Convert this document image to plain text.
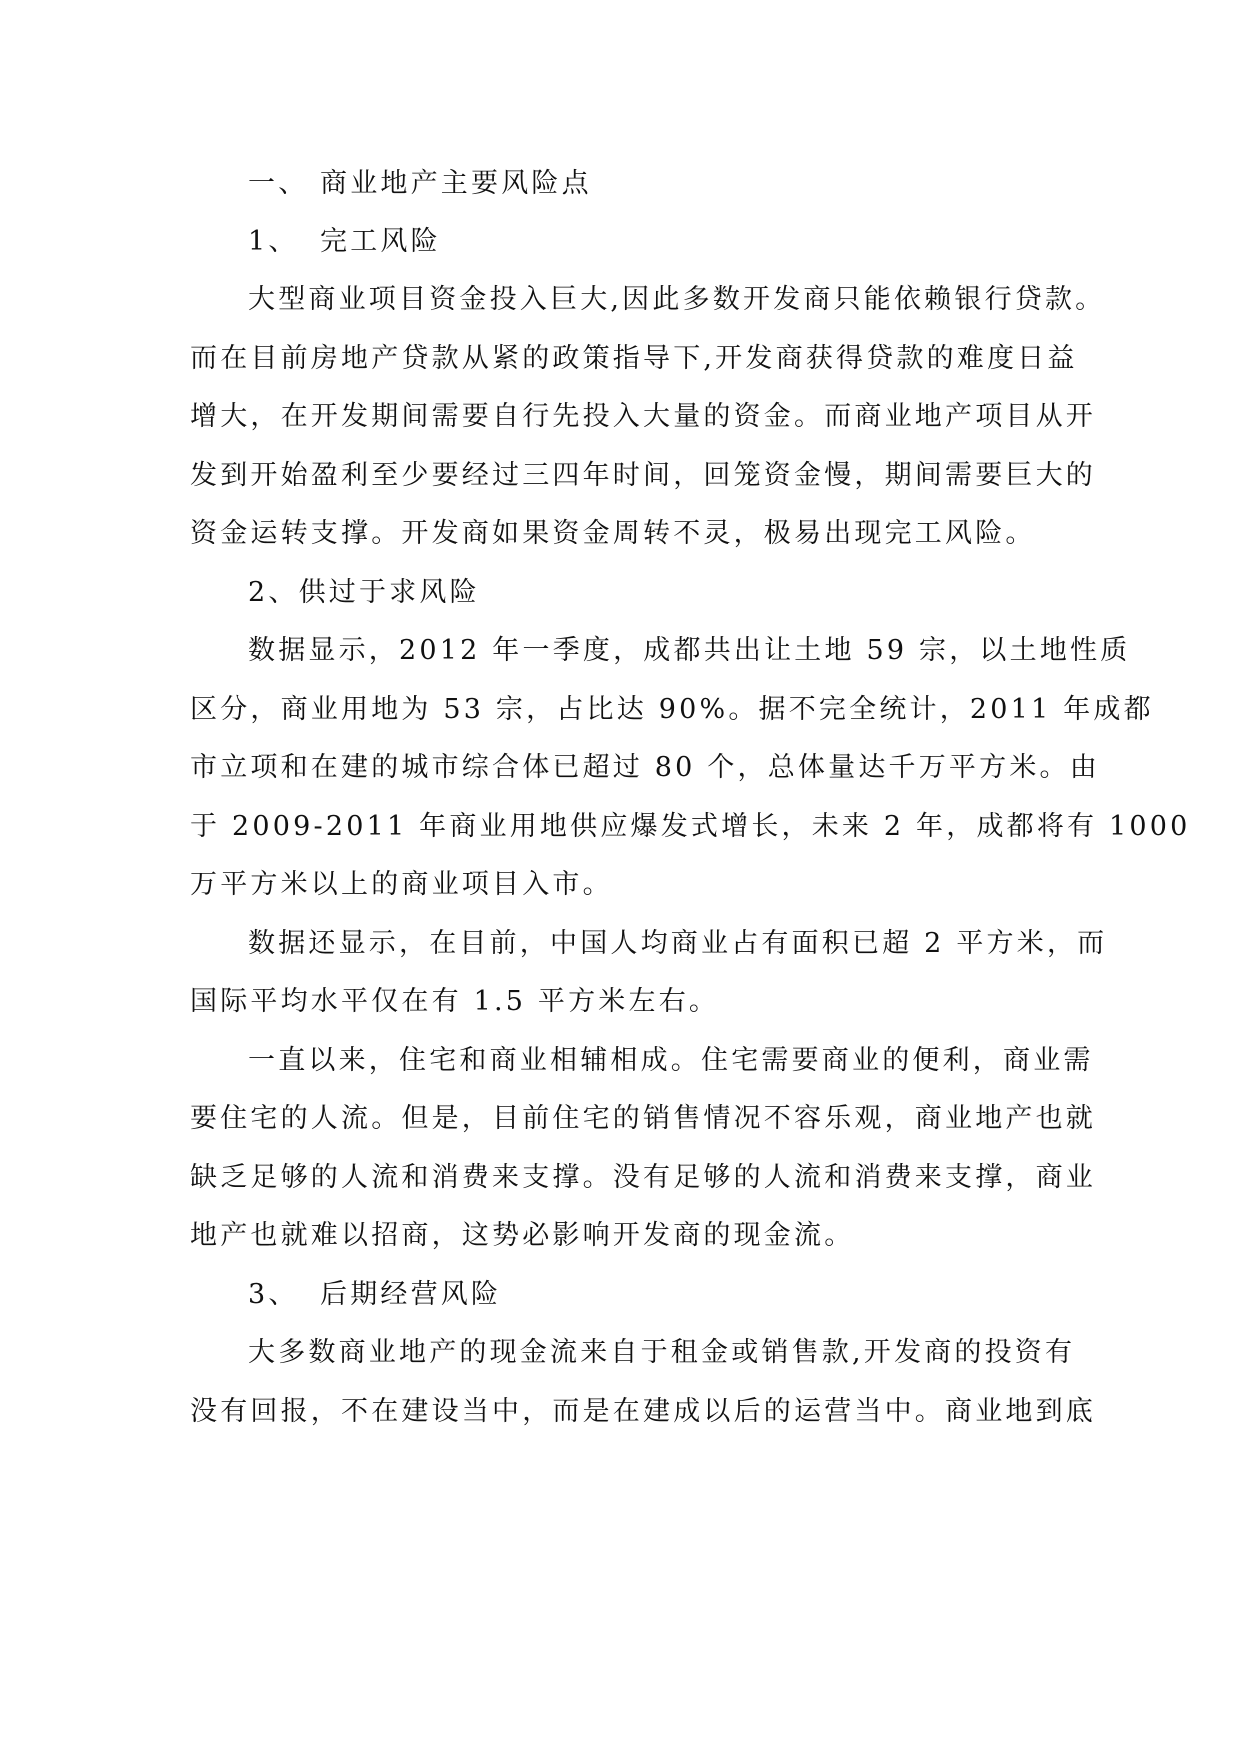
一、 商业地产主要风险点
1、 完工风险
大型商业项目资金投入巨大,因此多数开发商只能依赖银行贷款。
而在目前房地产贷款从紧的政策指导下,开发商获得贷款的难度日益
增大，在开发期间需要自行先投入大量的资金。而商业地产项目从开
发到开始盈利至少要经过三四年时间，回笼资金慢，期间需要巨大的
资金运转支撑。开发商如果资金周转不灵，极易出现完工风险。
2、供过于求风险
数据显示，2012 年一季度，成都共出让土地 59 宗，以土地性质
区分，商业用地为 53 宗，占比达 90%。据不完全统计，2011 年成都
市立项和在建的城市综合体已超过 80 个，总体量达千万平方米。由
于 2009-2011 年商业用地供应爆发式增长，未来 2 年，成都将有 1000
万平方米以上的商业项目入市。
数据还显示，在目前，中国人均商业占有面积已超 2 平方米，而
国际平均水平仅在有 1.5 平方米左右。
一直以来，住宅和商业相辅相成。住宅需要商业的便利，商业需
要住宅的人流。但是，目前住宅的销售情况不容乐观，商业地产也就
缺乏足够的人流和消费来支撑。没有足够的人流和消费来支撑，商业
地产也就难以招商，这势必影响开发商的现金流。
3、 后期经营风险
大多数商业地产的现金流来自于租金或销售款,开发商的投资有
没有回报，不在建设当中，而是在建成以后的运营当中。商业地到底
